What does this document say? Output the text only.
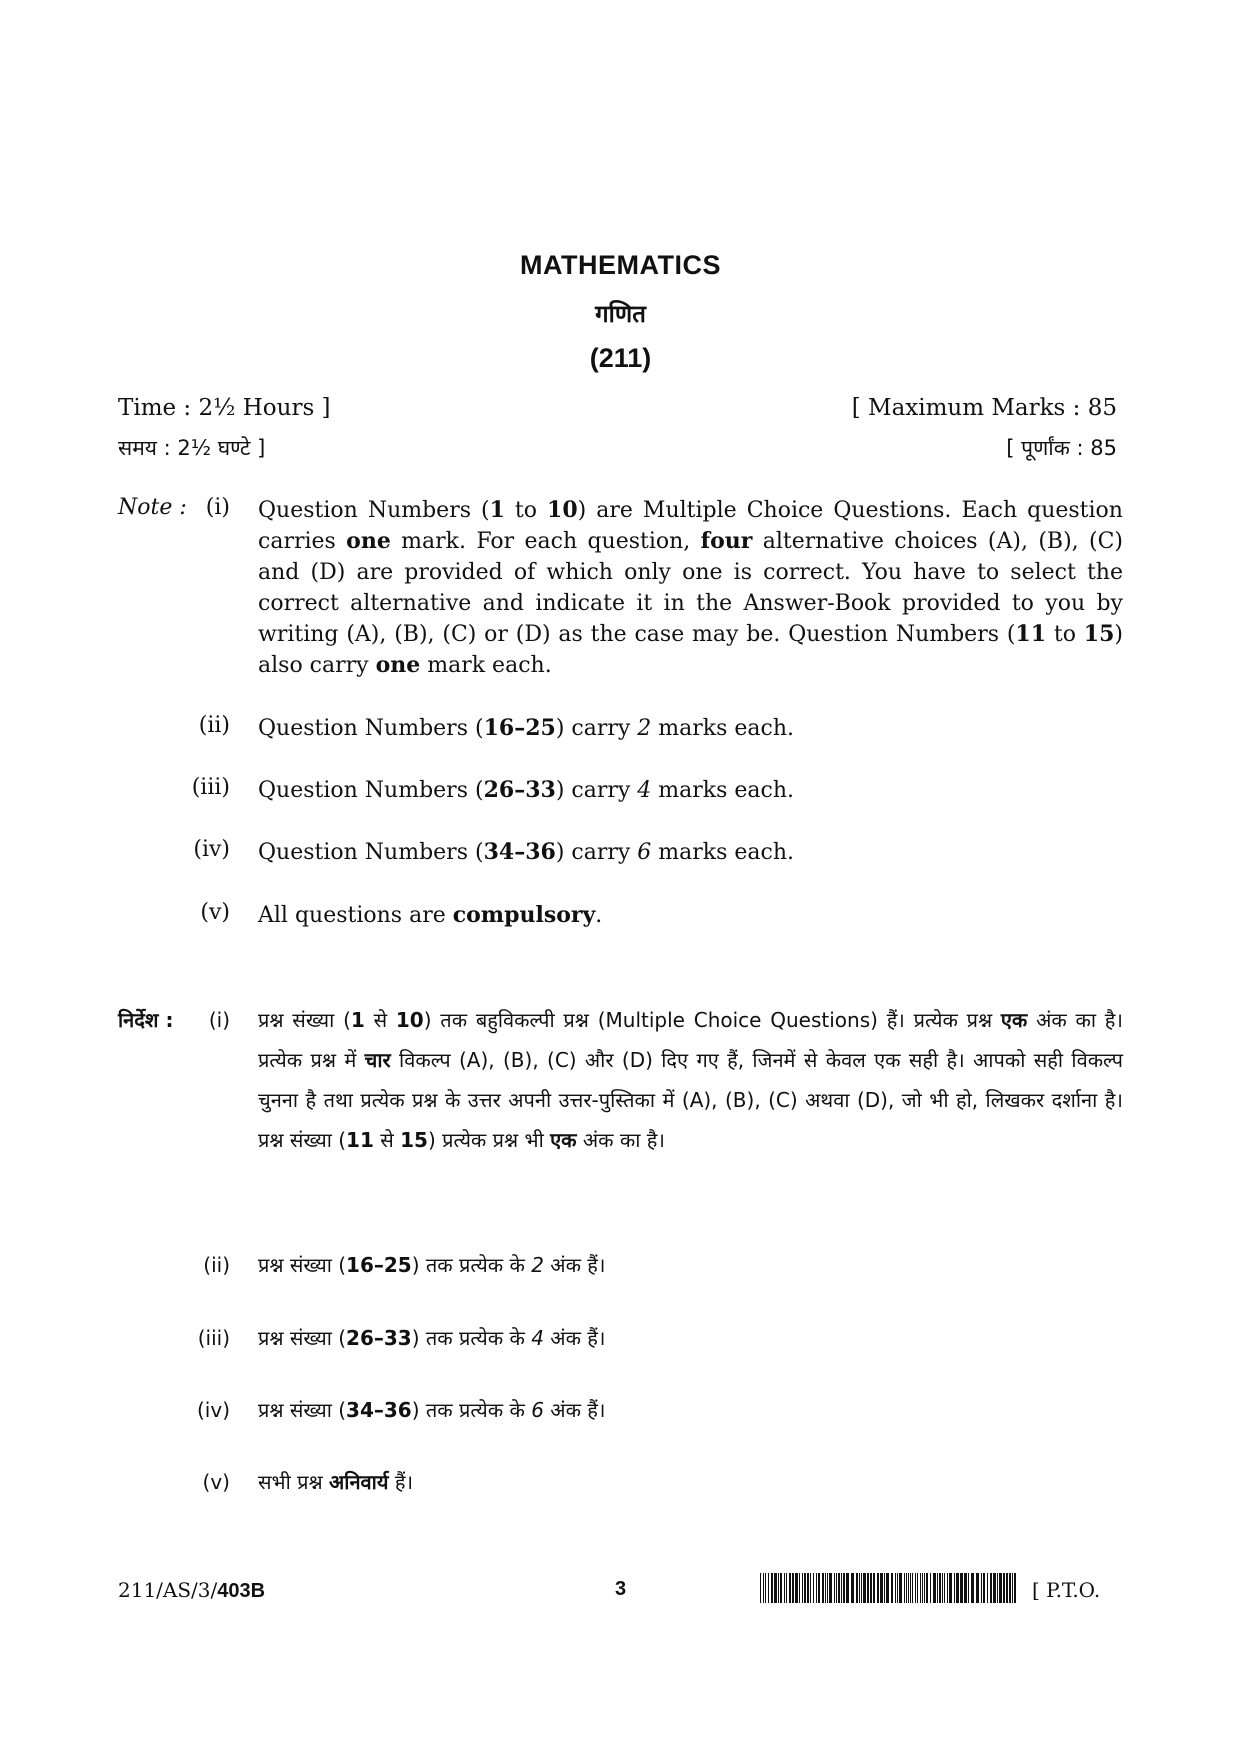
MATHEMATICS
गणित
(211)
Time : 2½ Hours ]
समय : 2½ घण्टे ]
[ Maximum Marks : 85
[ पूर्णांक : 85
Note : (i) Question Numbers (1 to 10) are Multiple Choice Questions. Each question carries one mark. For each question, four alternative choices (A), (B), (C) and (D) are provided of which only one is correct. You have to select the correct alternative and indicate it in the Answer-Book provided to you by writing (A), (B), (C) or (D) as the case may be. Question Numbers (11 to 15) also carry one mark each.
(ii) Question Numbers (16–25) carry 2 marks each.
(iii) Question Numbers (26–33) carry 4 marks each.
(iv) Question Numbers (34–36) carry 6 marks each.
(v) All questions are compulsory.
निर्देश :	(i) प्रश्न संख्या (1 से 10) तक बहुविकल्पी प्रश्न (Multiple Choice Questions) हैं। प्रत्येक प्रश्न एक अंक का है। प्रत्येक प्रश्न में चार विकल्प (A), (B), (C) और (D) दिए गए हैं, जिनमें से केवल एक सही है। आपको सही विकल्प चुनना है तथा प्रत्येक प्रश्न के उत्तर अपनी उत्तर-पुस्तिका में (A), (B), (C) अथवा (D), जो भी हो, लिखकर दर्शाना है। प्रश्न संख्या (11 से 15) प्रत्येक प्रश्न भी एक अंक का है।
(ii) प्रश्न संख्या (16–25) तक प्रत्येक के 2 अंक हैं।
(iii) प्रश्न संख्या (26–33) तक प्रत्येक के 4 अंक हैं।
(iv) प्रश्न संख्या (34–36) तक प्रत्येक के 6 अंक हैं।
(v) सभी प्रश्न अनिवार्य हैं।
211/AS/3/403B	3	[ P.T.O.
